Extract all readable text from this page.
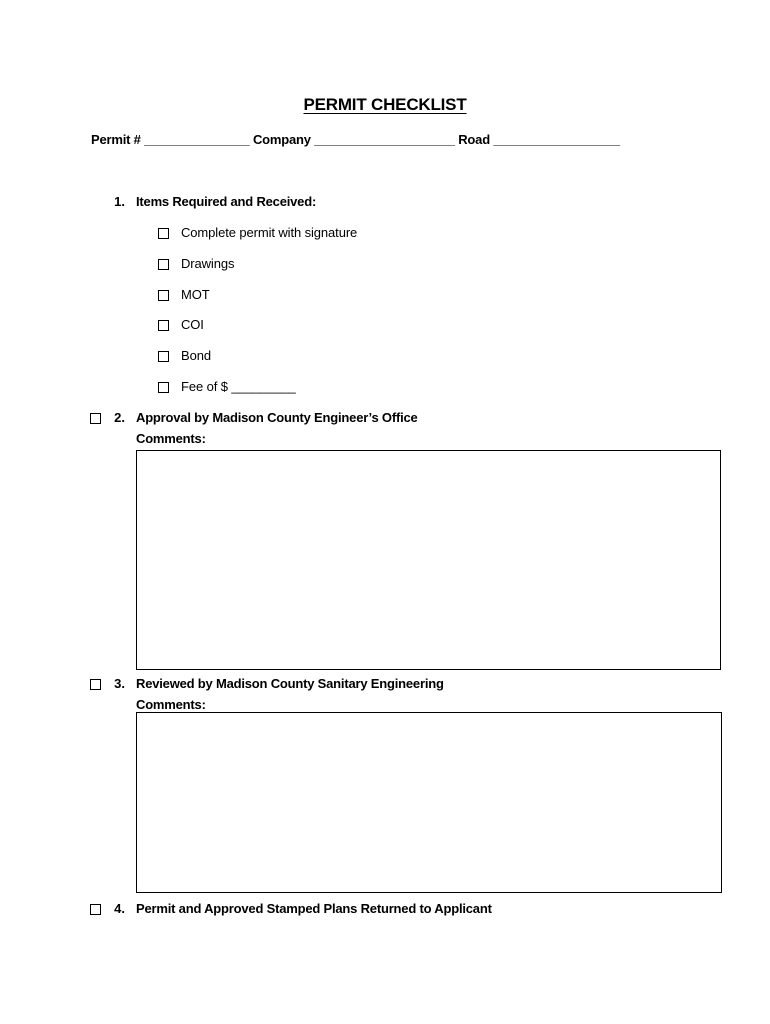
PERMIT CHECKLIST
Permit # _______________ Company ____________________ Road __________________
1. Items Required and Received:
Complete permit with signature
Drawings
MOT
COI
Bond
Fee of $ _________
2. Approval by Madison County Engineer’s Office
Comments:
3. Reviewed by Madison County Sanitary Engineering
Comments:
4. Permit and Approved Stamped Plans Returned to Applicant
